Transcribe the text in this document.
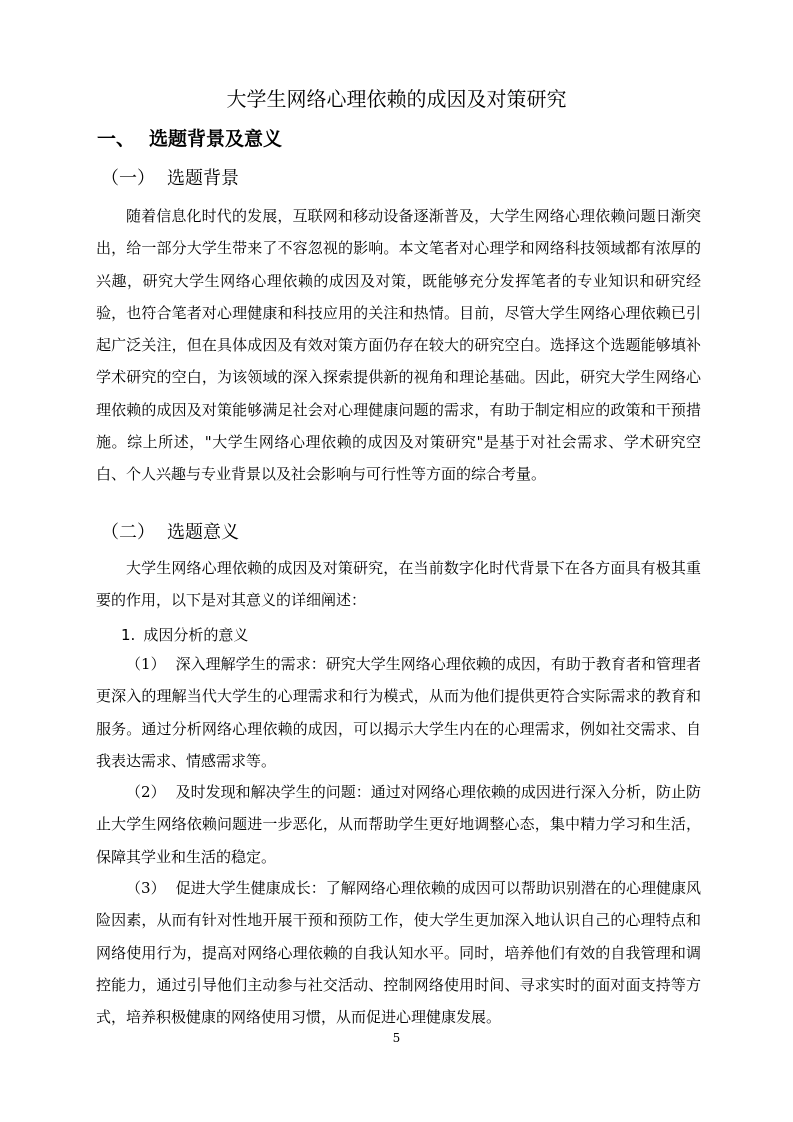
大学生网络心理依赖的成因及对策研究
一、 选题背景及意义
（一） 选题背景

随着信息化时代的发展，互联网和移动设备逐渐普及，大学生网络心理依赖问题日渐突出，给一部分大学生带来了不容忽视的影响。本文笔者对心理学和网络科技领域都有浓厚的兴趣，研究大学生网络心理依赖的成因及对策，既能够充分发挥笔者的专业知识和研究经验，也符合笔者对心理健康和科技应用的关注和热情。目前，尽管大学生网络心理依赖已引起广泛关注，但在具体成因及有效对策方面仍存在较大的研究空白。选择这个选题能够填补学术研究的空白，为该领域的深入探索提供新的视角和理论基础。因此，研究大学生网络心理依赖的成因及对策能够满足社会对心理健康问题的需求，有助于制定相应的政策和干预措施。综上所述，"大学生网络心理依赖的成因及对策研究"是基于对社会需求、学术研究空白、个人兴趣与专业背景以及社会影响与可行性等方面的综合考量。

（二） 选题意义

大学生网络心理依赖的成因及对策研究，在当前数字化时代背景下在各方面具有极其重要的作用，以下是对其意义的详细阐述：

1. 成因分析的意义

（1） 深入理解学生的需求：研究大学生网络心理依赖的成因，有助于教育者和管理者更深入的理解当代大学生的心理需求和行为模式，从而为他们提供更符合实际需求的教育和服务。通过分析网络心理依赖的成因，可以揭示大学生内在的心理需求，例如社交需求、自我表达需求、情感需求等。

（2） 及时发现和解决学生的问题：通过对网络心理依赖的成因进行深入分析，防止防止大学生网络依赖问题进一步恶化，从而帮助学生更好地调整心态，集中精力学习和生活，保障其学业和生活的稳定。

（3） 促进大学生健康成长：了解网络心理依赖的成因可以帮助识别潜在的心理健康风险因素，从而有针对性地开展干预和预防工作，使大学生更加深入地认识自己的心理特点和网络使用行为，提高对网络心理依赖的自我认知水平。同时，培养他们有效的自我管理和调控能力，通过引导他们主动参与社交活动、控制网络使用时间、寻求实时的面对面支持等方式，培养积极健康的网络使用习惯，从而促进心理健康发展。

5
